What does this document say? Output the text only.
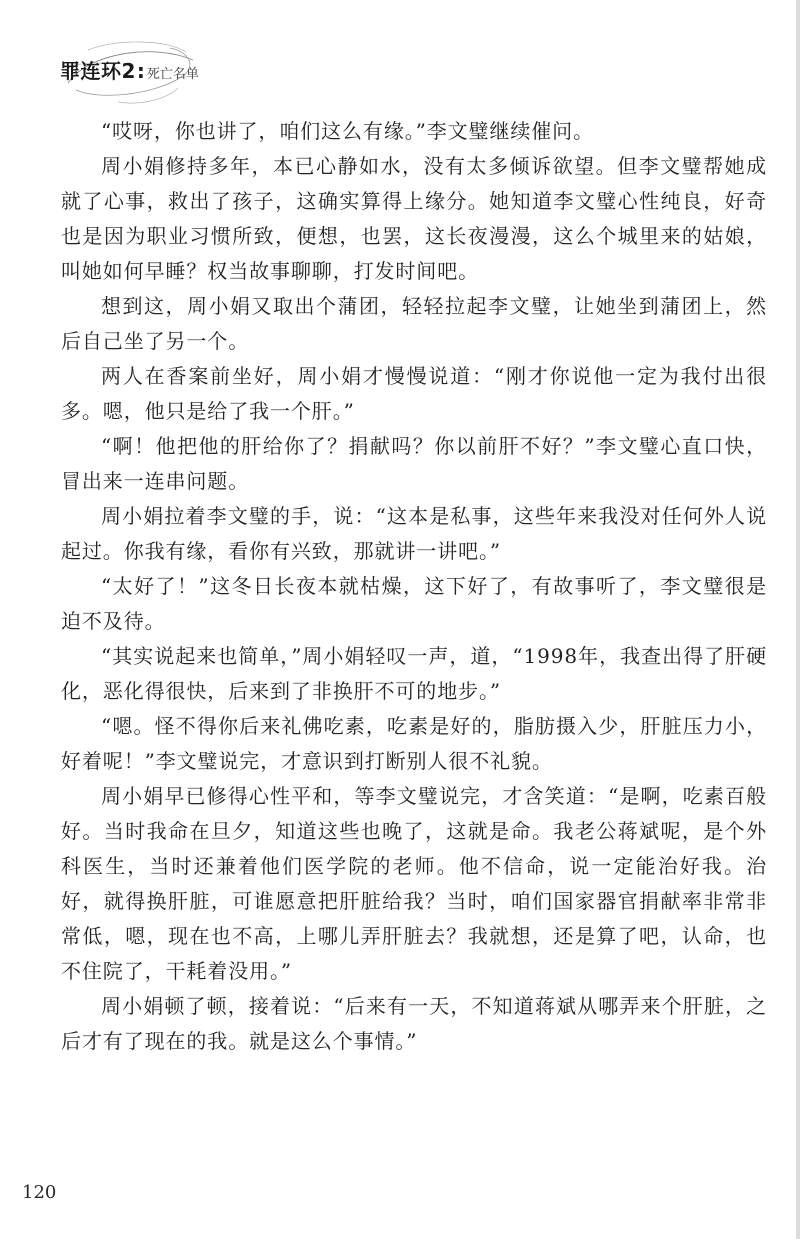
罪连环2 : 死亡名单

“哎呀，你也讲了，咱们这么有缘。”李文璧继续催问。

周小娟修持多年，本已心静如水，没有太多倾诉欲望。但李文璧帮她成就了心事，救出了孩子，这确实算得上缘分。她知道李文璧心性纯良，好奇也是因为职业习惯所致，便想，也罢，这长夜漫漫，这么个城里来的姑娘，叫她如何早睡？权当故事聊聊，打发时间吧。

想到这，周小娟又取出个蒲团，轻轻拉起李文璧，让她坐到蒲团上，然后自己坐了另一个。

两人在香案前坐好，周小娟才慢慢说道：“刚才你说他一定为我付出很多。嗯，他只是给了我一个肝。”

“啊！他把他的肝给你了？捐献吗？你以前肝不好？”李文璧心直口快，冒出来一连串问题。

周小娟拉着李文璧的手，说：“这本是私事，这些年来我没对任何外人说起过。你我有缘，看你有兴致，那就讲一讲吧。”

“太好了！”这冬日长夜本就枯燥，这下好了，有故事听了，李文璧很是迫不及待。

“其实说起来也简单，”周小娟轻叹一声，道，“1998年，我查出得了肝硬化，恶化得很快，后来到了非换肝不可的地步。”

“嗯。怪不得你后来礼佛吃素，吃素是好的，脂肪摄入少，肝脏压力小，好着呢！”李文璧说完，才意识到打断别人很不礼貌。

周小娟早已修得心性平和，等李文璧说完，才含笑道：“是啊，吃素百般好。当时我命在旦夕，知道这些也晚了，这就是命。我老公蒋斌呢，是个外科医生，当时还兼着他们医学院的老师。他不信命，说一定能治好我。治好，就得换肝脏，可谁愿意把肝脏给我？当时，咱们国家器官捐献率非常非常低，嗯，现在也不高，上哪儿弄肝脏去？我就想，还是算了吧，认命，也不住院了，干耗着没用。”

周小娟顿了顿，接着说：“后来有一天，不知道蒋斌从哪弄来个肝脏，之后才有了现在的我。就是这么个事情。”

120
